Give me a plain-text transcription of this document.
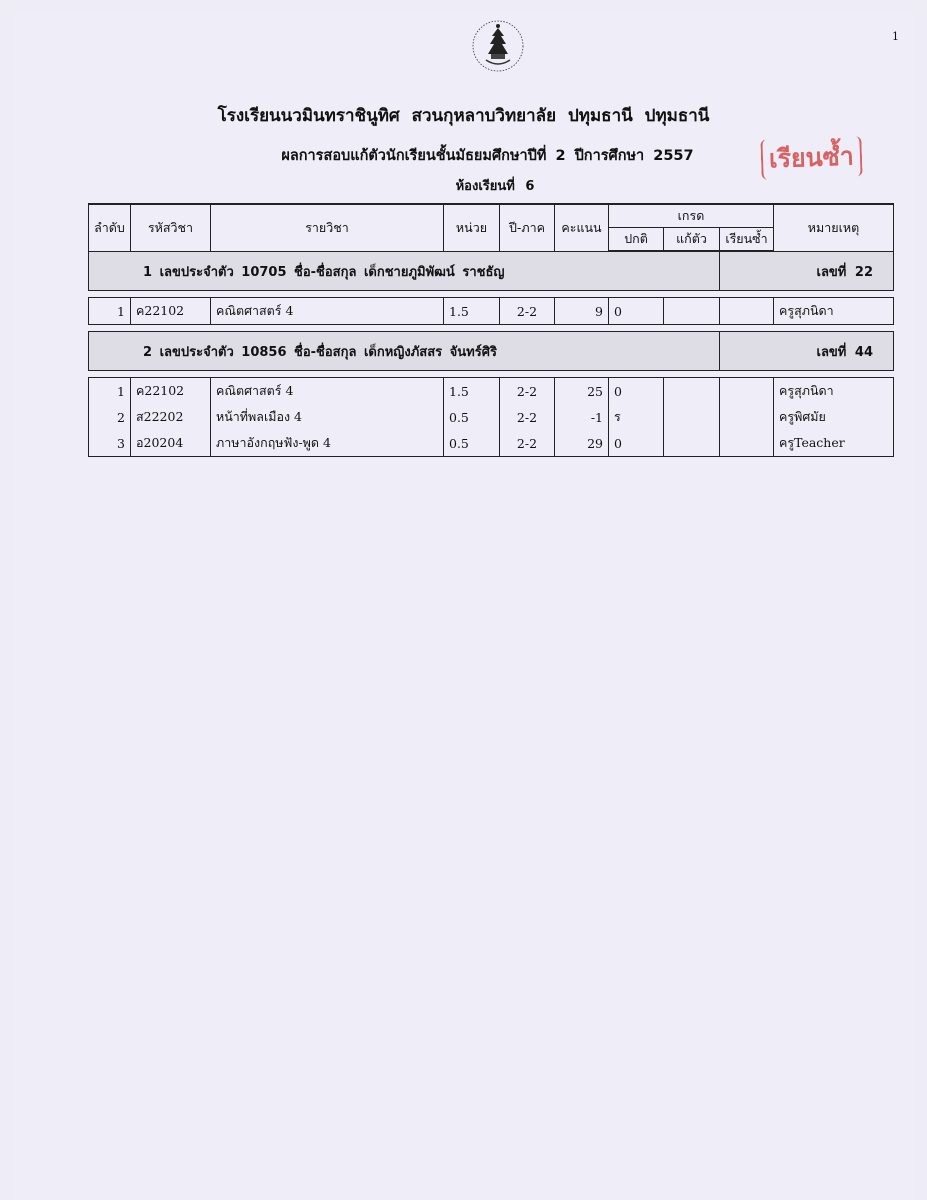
1
เรียนซ้ำ
โรงเรียนนวมินทราชินูทิศ สวนกุหลาบวิทยาลัย ปทุมธานี ปทุมธานี
ผลการสอบแก้ตัวนักเรียนชั้นมัธยมศึกษาปีที่ 2 ปีการศึกษา 2557
ห้องเรียนที่ 6
ลำดับ	รหัสวิชา	รายวิชา	หน่วย	ปี-ภาค	คะแนน	เกรด			หมายเหตุ
						ปกติ	แก้ตัว	เรียนซ้ำ	
1 เลขประจำตัว 10705 ชื่อ-ชื่อสกุล เด็กชายภูมิพัฒน์ ราชธัญ								เลขที่ 22	

1	ค22102	คณิตศาสตร์ 4	1.5	2-2	9	0			ครูสุภนิดา

2 เลขประจำตัว 10856 ชื่อ-ชื่อสกุล เด็กหญิงภัสสร จันทร์ศิริ								เลขที่ 44	

1	ค22102	คณิตศาสตร์ 4	1.5	2-2	25	0			ครูสุภนิดา
2	ส22202	หน้าที่พลเมือง 4	0.5	2-2	-1	ร			ครูพิศมัย
3	อ20204	ภาษาอังกฤษฟัง-พูด 4	0.5	2-2	29	0			ครูTeacher
